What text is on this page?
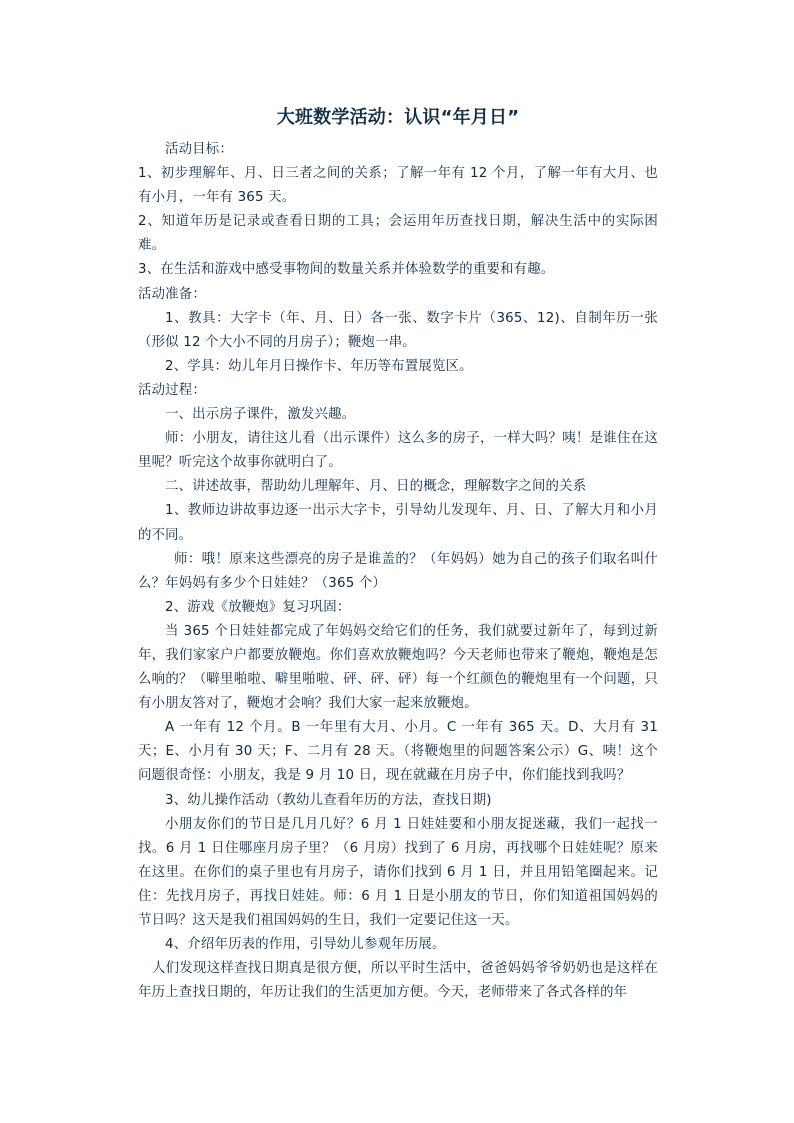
大班数学活动：认识“年月日”

活动目标：

1、初步理解年、月、日三者之间的关系；了解一年有 12 个月，了解一年有大月、也有小月，一年有 365 天。

2、知道年历是记录或查看日期的工具；会运用年历查找日期，解决生活中的实际困难。

3、在生活和游戏中感受事物间的数量关系并体验数学的重要和有趣。

活动准备：

1、教具：大字卡（年、月、日）各一张、数字卡片（365、12)、自制年历一张（形似 12 个大小不同的月房子）；鞭炮一串。

2、学具：幼儿年月日操作卡、年历等布置展览区。

活动过程：

一、出示房子课件，激发兴趣。

师：小朋友，请往这儿看（出示课件）这么多的房子，一样大吗？咦！是谁住在这里呢？听完这个故事你就明白了。

二、讲述故事，帮助幼儿理解年、月、日的概念，理解数字之间的关系

1、教师边讲故事边逐一出示大字卡，引导幼儿发现年、月、日、了解大月和小月的不同。

师：哦！原来这些漂亮的房子是谁盖的？（年妈妈）她为自己的孩子们取名叫什么？年妈妈有多少个日娃娃？（365 个）

2、游戏《放鞭炮》复习巩固：

当 365 个日娃娃都完成了年妈妈交给它们的任务，我们就要过新年了，每到过新年，我们家家户户都要放鞭炮。你们喜欢放鞭炮吗？今天老师也带来了鞭炮，鞭炮是怎么响的？（噼里啪啦、噼里啪啦、砰、砰、砰）每一个红颜色的鞭炮里有一个问题，只有小朋友答对了，鞭炮才会响？我们大家一起来放鞭炮。

A 一年有 12 个月。B 一年里有大月、小月。C 一年有 365 天。D、大月有 31 天；E、小月有 30 天；F、二月有 28 天。（将鞭炮里的问题答案公示）G、咦！这个问题很奇怪：小朋友，我是 9 月 10 日，现在就藏在月房子中，你们能找到我吗？

3、幼儿操作活动（教幼儿查看年历的方法，查找日期)

小朋友你们的节日是几月几好？6 月 1 日娃娃要和小朋友捉迷藏，我们一起找一找。6 月 1 日住哪座月房子里？（6 月房）找到了 6 月房，再找哪个日娃娃呢？原来在这里。在你们的桌子里也有月房子，请你们找到 6 月 1 日，并且用铅笔圈起来。记住：先找月房子，再找日娃娃。师：6 月 1 日是小朋友的节日，你们知道祖国妈妈的节日吗？这天是我们祖国妈妈的生日，我们一定要记住这一天。

4、介绍年历表的作用，引导幼儿参观年历展。

人们发现这样查找日期真是很方便，所以平时生活中，爸爸妈妈爷爷奶奶也是这样在年历上查找日期的，年历让我们的生活更加方便。今天，老师带来了各式各样的年
